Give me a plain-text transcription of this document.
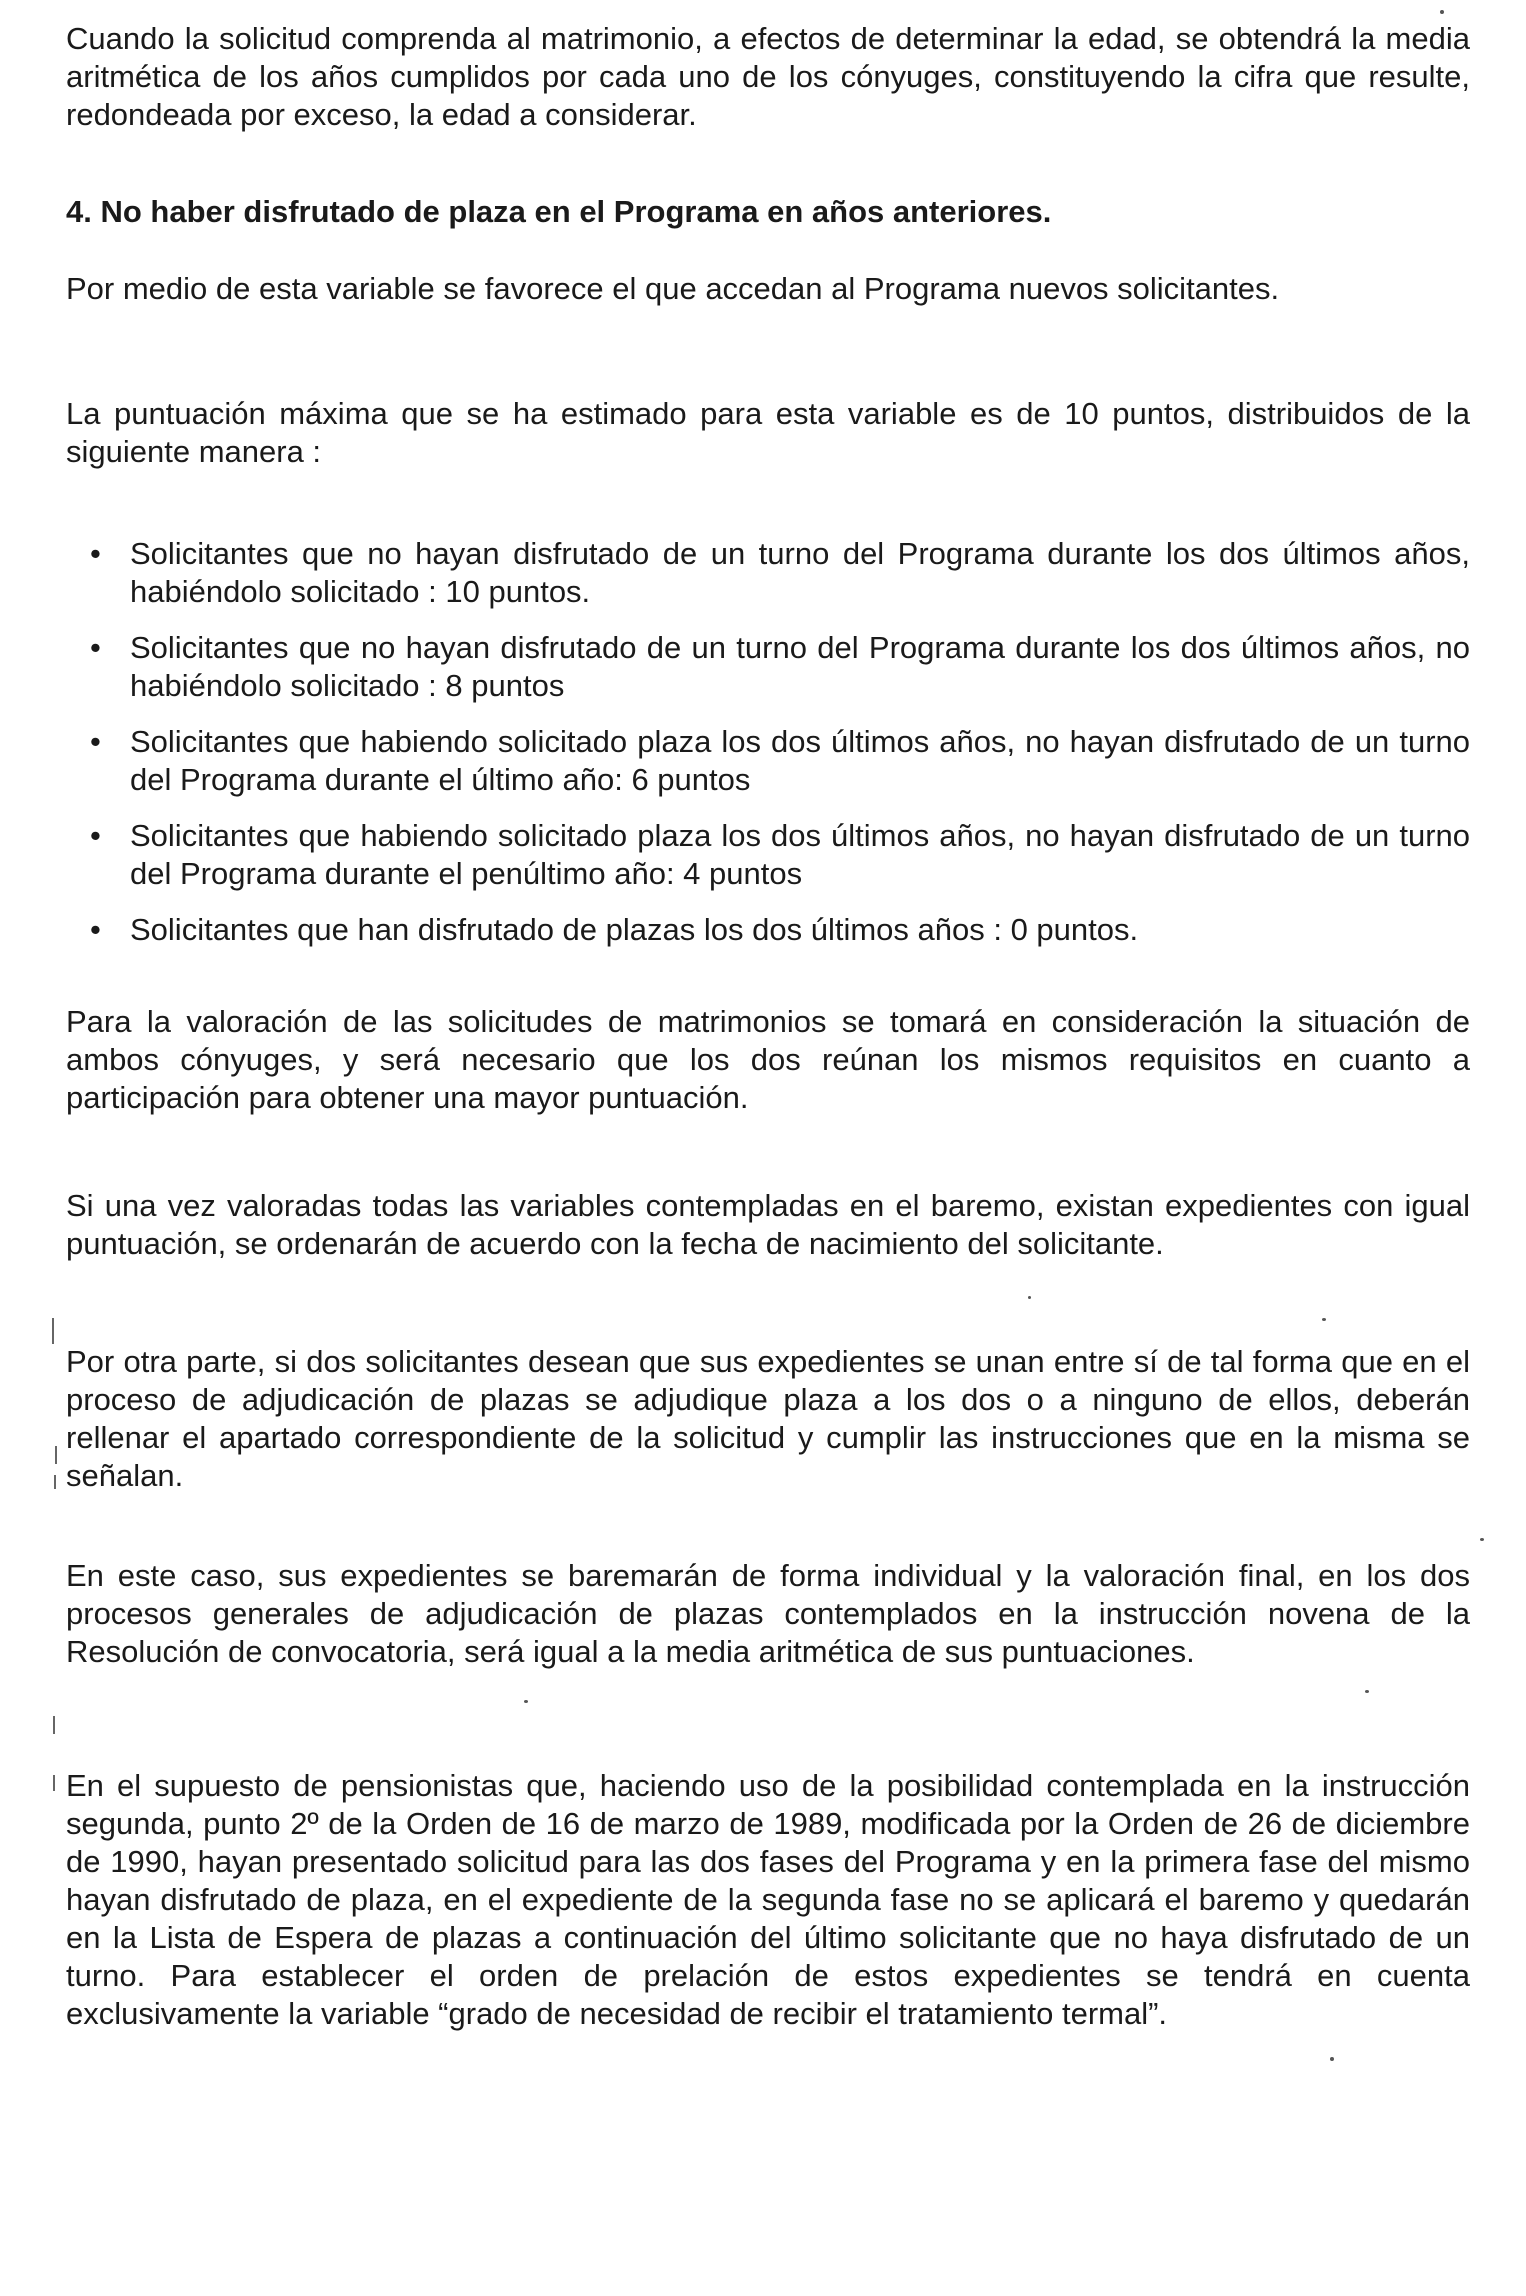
Cuando la solicitud comprenda al matrimonio, a efectos de determinar la edad, se obtendrá la media aritmética de los años cumplidos por cada uno de los cónyuges, constituyendo la cifra que resulte, redondeada por exceso, la edad a considerar.

4. No haber disfrutado de plaza en el Programa en años anteriores.

Por medio de esta variable se favorece el que accedan al Programa nuevos solicitantes.

La puntuación máxima que se ha estimado para esta variable es de 10 puntos, distribuidos de la siguiente manera :

• Solicitantes que no hayan disfrutado de un turno del Programa durante los dos últimos años, habiéndolo solicitado : 10 puntos.
• Solicitantes que no hayan disfrutado de un turno del Programa durante los dos últimos años, no habiéndolo solicitado : 8 puntos
• Solicitantes que habiendo solicitado plaza los dos últimos años, no hayan disfrutado de un turno del Programa durante el último año: 6 puntos
• Solicitantes que habiendo solicitado plaza los dos últimos años, no hayan disfrutado de un turno del Programa durante el penúltimo año: 4 puntos
• Solicitantes que han disfrutado de plazas los dos últimos años : 0 puntos.

Para la valoración de las solicitudes de matrimonios se tomará en consideración la situación de ambos cónyuges, y será necesario que los dos reúnan los mismos requisitos en cuanto a participación para obtener una mayor puntuación.

Si una vez valoradas todas las variables contempladas en el baremo, existan expedientes con igual puntuación, se ordenarán de acuerdo con la fecha de nacimiento del solicitante.

Por otra parte, si dos solicitantes desean que sus expedientes se unan entre sí de tal forma que en el proceso de adjudicación de plazas se adjudique plaza a los dos o a ninguno de ellos, deberán rellenar el apartado correspondiente de la solicitud y cumplir las instrucciones que en la misma se señalan.

En este caso, sus expedientes se baremarán de forma individual y la valoración final, en los dos procesos generales de adjudicación de plazas contemplados en la instrucción novena de la Resolución de convocatoria, será igual a la media aritmética de sus puntuaciones.

En el supuesto de pensionistas que, haciendo uso de la posibilidad contemplada en la instrucción segunda, punto 2º de la Orden de 16 de marzo de 1989, modificada por la Orden de 26 de diciembre de 1990, hayan presentado solicitud para las dos fases del Programa y en la primera fase del mismo hayan disfrutado de plaza, en el expediente de la segunda fase no se aplicará el baremo y quedarán en la Lista de Espera de plazas a continuación del último solicitante que no haya disfrutado de un turno. Para establecer el orden de prelación de estos expedientes se tendrá en cuenta exclusivamente la variable “grado de necesidad de recibir el tratamiento termal”.
